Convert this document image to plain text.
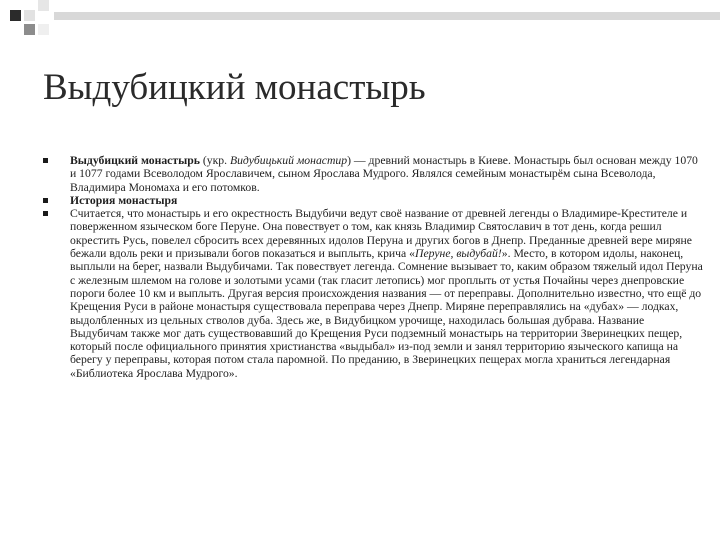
Выдубицкий монастырь
Выдубицкий монастырь (укр. Видубицький монастир) — древний монастырь в Киеве. Монастырь был основан между 1070 и 1077 годами Всеволодом Ярославичем, сыном Ярослава Мудрого. Являлся семейным монастырём сына Всеволода, Владимира Мономаха и его потомков.
История монастыря
Считается, что монастырь и его окрестность Выдубичи ведут своё название от древней легенды о Владимире-Крестителе и поверженном языческом боге Перуне. Она повествует о том, как князь Владимир Святославич в тот день, когда решил окрестить Русь, повелел сбросить всех деревянных идолов Перуна и других богов в Днепр. Преданные древней вере миряне бежали вдоль реки и призывали богов показаться и выплыть, крича «Перуне, выдубай!». Место, в котором идолы, наконец, выплыли на берег, назвали Выдубичами. Так повествует легенда. Сомнение вызывает то, каким образом тяжелый идол Перуна с железным шлемом на голове и золотыми усами (так гласит летопись) мог проплыть от устья Почайны через днепровские пороги более 10 км и выплыть. Другая версия происхождения названия — от переправы. Дополнительно известно, что ещё до Крещения Руси в районе монастыря существовала переправа через Днепр. Миряне переправлялись на «дубах» — лодках, выдолбленных из цельных стволов дуба. Здесь же, в Видубицком урочище, находилась большая дубрава. Название Выдубичам также мог дать существовавший до Крещения Руси подземный монастырь на территории Зверинецких пещер, который после официального принятия христианства «выдыбал» из-под земли и занял территорию языческого капища на берегу у переправы, которая потом стала паромной. По преданию, в Зверинецких пещерах могла храниться легендарная «Библиотека Ярослава Мудрого».
